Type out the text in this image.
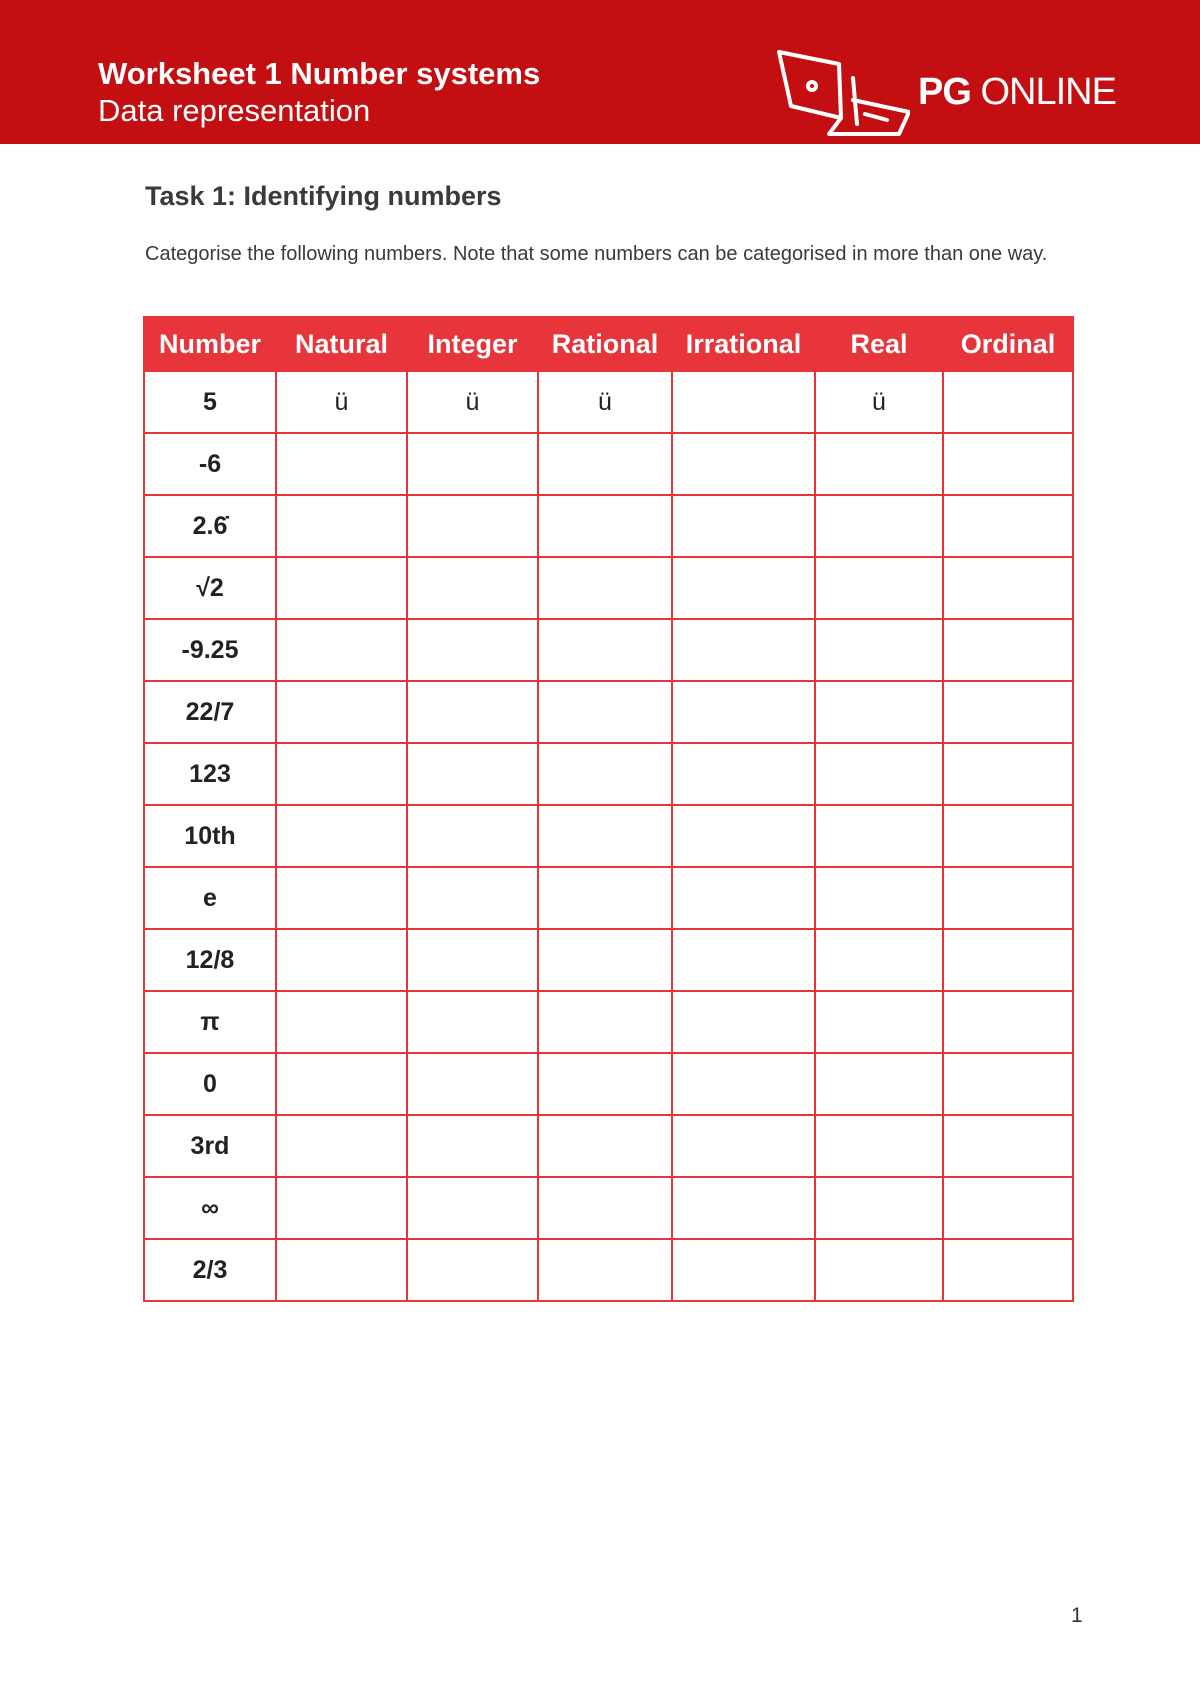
Worksheet 1 Number systems
Data representation	PG ONLINE
Task 1: Identifying numbers
Categorise the following numbers. Note that some numbers can be categorised in more than one way.
Number	Natural	Integer	Rational	Irrational	Real	Ordinal
5	ü	ü	ü		ü	
-6						
2.6̇						
√2						
-9.25						
22/7						
123						
10th						
e						
12/8						
π						
0						
3rd						
∞						
2/3						
1
